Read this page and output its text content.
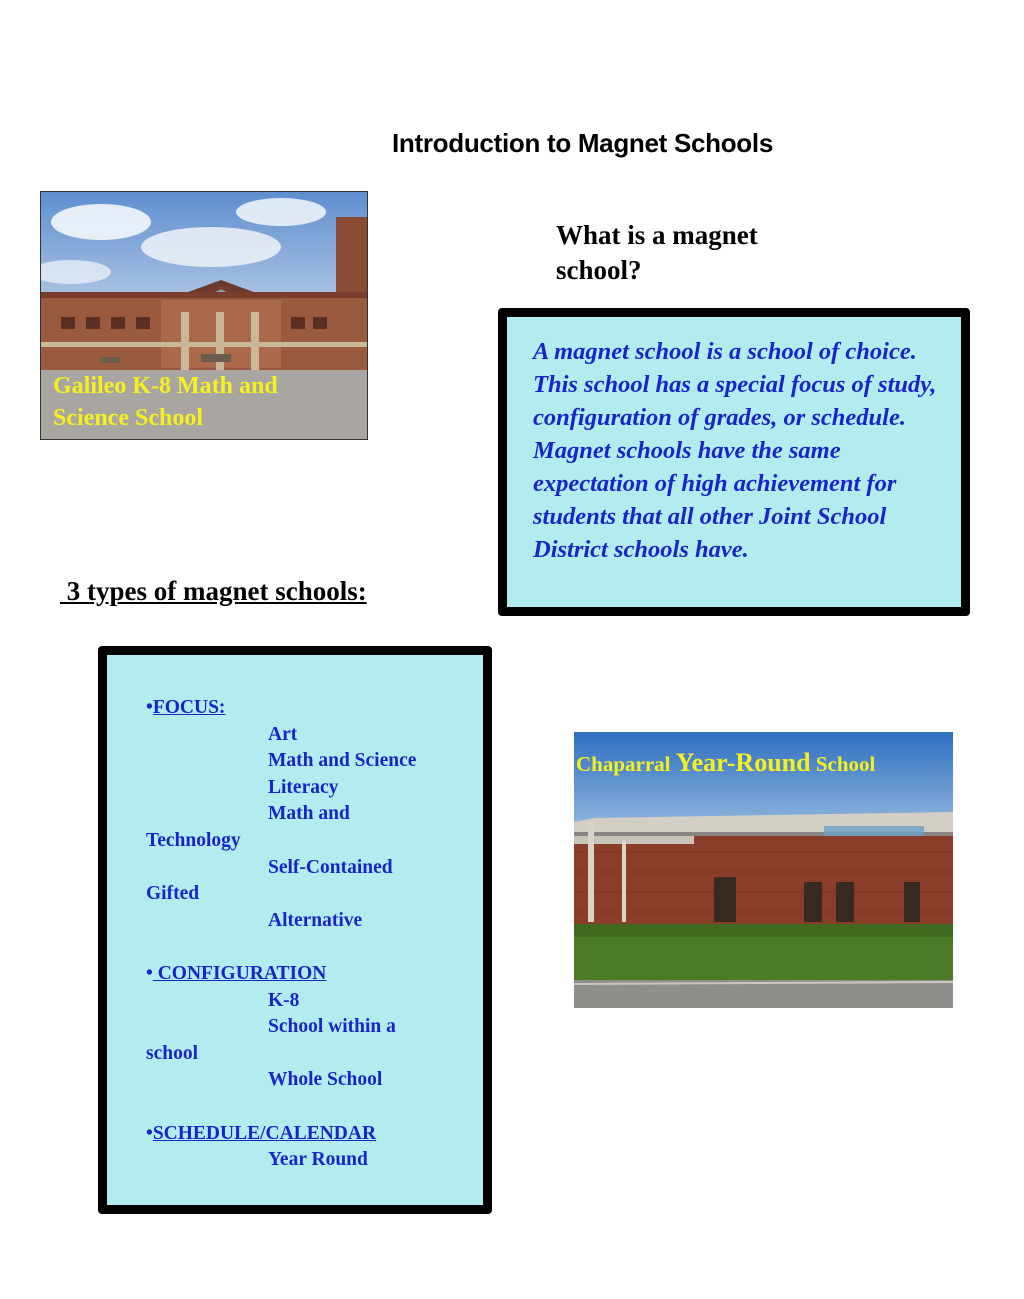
Introduction to Magnet Schools
Galileo K-8 Math and Science School
What is a magnet school?
A magnet school is a school of choice. This school has a special focus of study, configuration of grades, or schedule. Magnet schools have the same expectation of high achievement for students that all other Joint School District schools have.
3 types of magnet schools:
•FOCUS:
Art
Math and Science
Literacy
Math and
Technology
Self-Contained
Gifted
Alternative
• CONFIGURATION
K-8
School within a
school
Whole School
•SCHEDULE/CALENDAR
Year Round
Chaparral Year-Round School
